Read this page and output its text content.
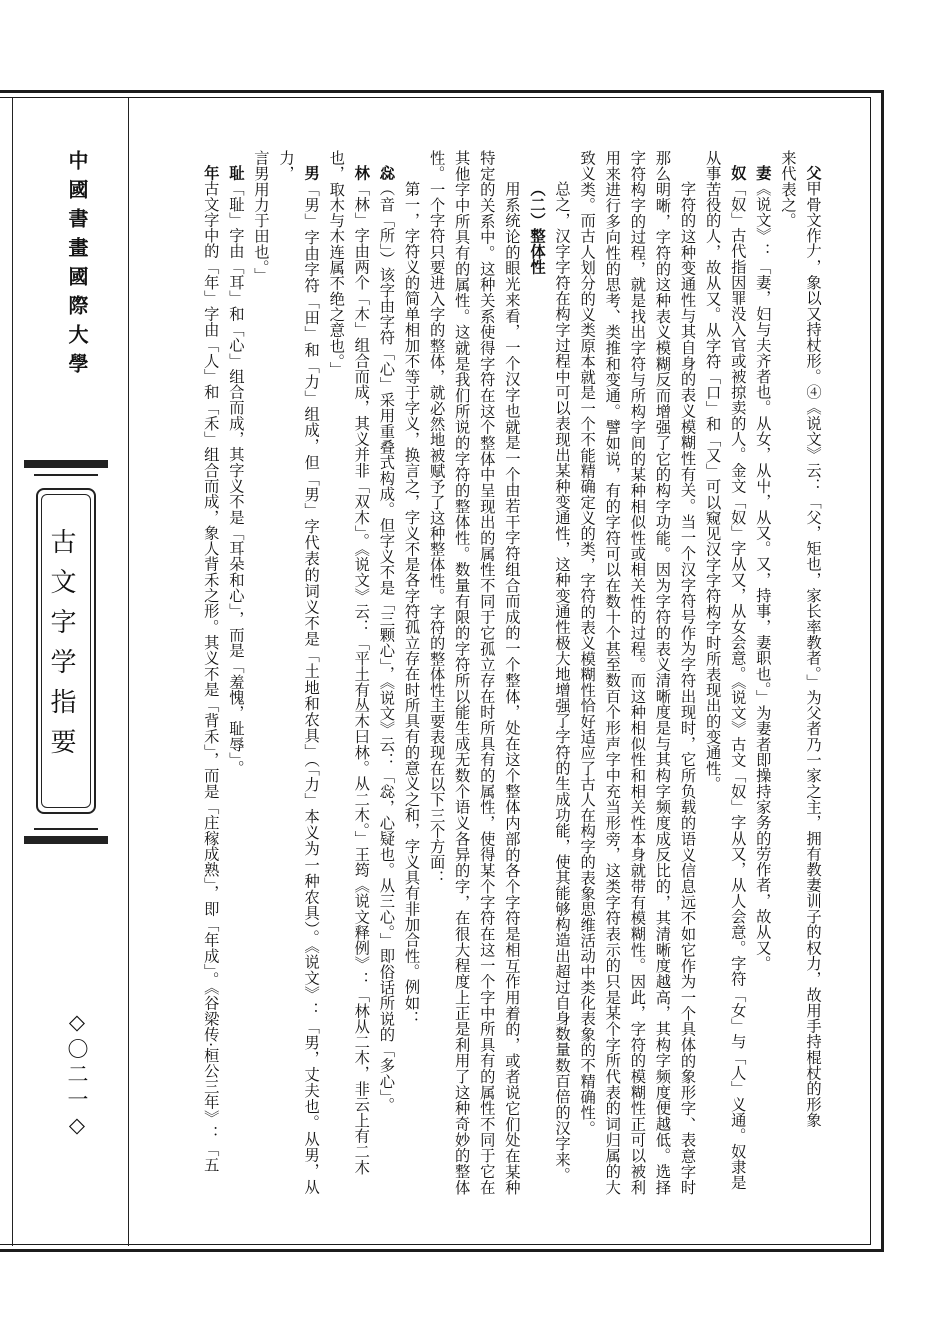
中國書畫國際大學
古文字学指要
◇〇二一◇

父甲骨文作𠂇，象以又持杖形。④《说文》云：「父，矩也，家长率教者。」为父者乃一家之主，拥有教妻训子的权力，故用手持棍杖的形象

来代表之。

妻《说文》：「妻，妇与夫齐者也。从女，从屮，从又。又，持事，妻职也。」为妻者即操持家务的劳作者，故从又。

奴「奴」古代指因罪没入官或被掠卖的人。金文「奴」字从又，从女会意。《说文》古文「奴」字从又，从人会意。字符「女」与「人」义通。奴隶是

从事苦役的人，故从又。从字符「口」和「又」可以窥见汉字字符构字时所表现出的变通性。

字符的这种变通性与其自身的表义模糊性有关。当一个汉字符号作为字符出现时，它所负载的语义信息远不如它作为一个具体的象形字、表意字时那么明晰，字符的这种表义模糊反而增强了它的构字功能。因为字符的表义清晰度是与其构字频度成反比的，其清晰度越高，其构字频度便越低。选择字符构字的过程，就是找出字符与所构字间的某种相似性或相关性的过程。而这种相似性和相关性本身就带有模糊性。因此，字符的模糊性正可以被利用来进行多向性的思考、类推和变通。譬如说，有的字符可以在数十个甚至数百个形声字中充当形旁，这类字符表示的只是某个字所代表的词归属的大致义类。而古人划分的义类原本就是一个不能精确定义的类，字符的表义模糊性恰好适应了古人在构字的表象思维活动中类化表象的不精确性。

总之，汉字字符在构字过程中可以表现出某种变通性，这种变通性极大地增强了字符的生成功能，使其能够构造出超过自身数量数百倍的汉字来。

（二）整体性

用系统论的眼光来看，一个汉字也就是一个由若干字符组合而成的一个整体，处在这个整体内部的各个字符是相互作用着的，或者说它们处在某种特定的关系中。这种关系使得字符在这个整体中呈现出的属性不同于它孤立存在时所具有的属性，使得某个字符在这一个字中所具有的属性不同于它在其他字中所具有的属性。这就是我们所说的字符的整体性。数量有限的字符所以能生成无数个语义各异的字，在很大程度上正是利用了这种奇妙的整体性。一个字符只要进入字的整体，就必然地被赋予了这种整体性。字符的整体性主要表现在以下三个方面：

第一，字符义的简单相加不等于字义，换言之，字义不是各字符孤立存在时所具有的意义之和，字义具有非加合性。例如：

惢（音「所」）该字由字符「心」采用重叠式构成。但字义不是「三颗心」，《说文》云：「惢，心疑也。从三心。」即俗话所说的「多心」。

林「林」字由两个「木」组合而成，其义并非「双木」。《说文》云：「平土有丛木曰林。从二木。」王筠《说文释例》：「林从二木，非云上有二木

也，取木与木连属不绝之意也。」

男「男」字由字符「田」和「力」组成，但「男」字代表的词义不是「土地和农具」（「力」本义为一种农具）。《说文》：「男，丈夫也。从男，从力，

言男用力于田也。」

耻「耻」字由「耳」和「心」组合而成，其字义不是「耳朵和心」，而是「羞愧，耻辱」。

年古文字中的「年」字由「人」和「禾」组合而成，象人背禾之形。其义不是「背禾」，而是「庄稼成熟」，即「年成」。《谷梁传·桓公三年》：「五
